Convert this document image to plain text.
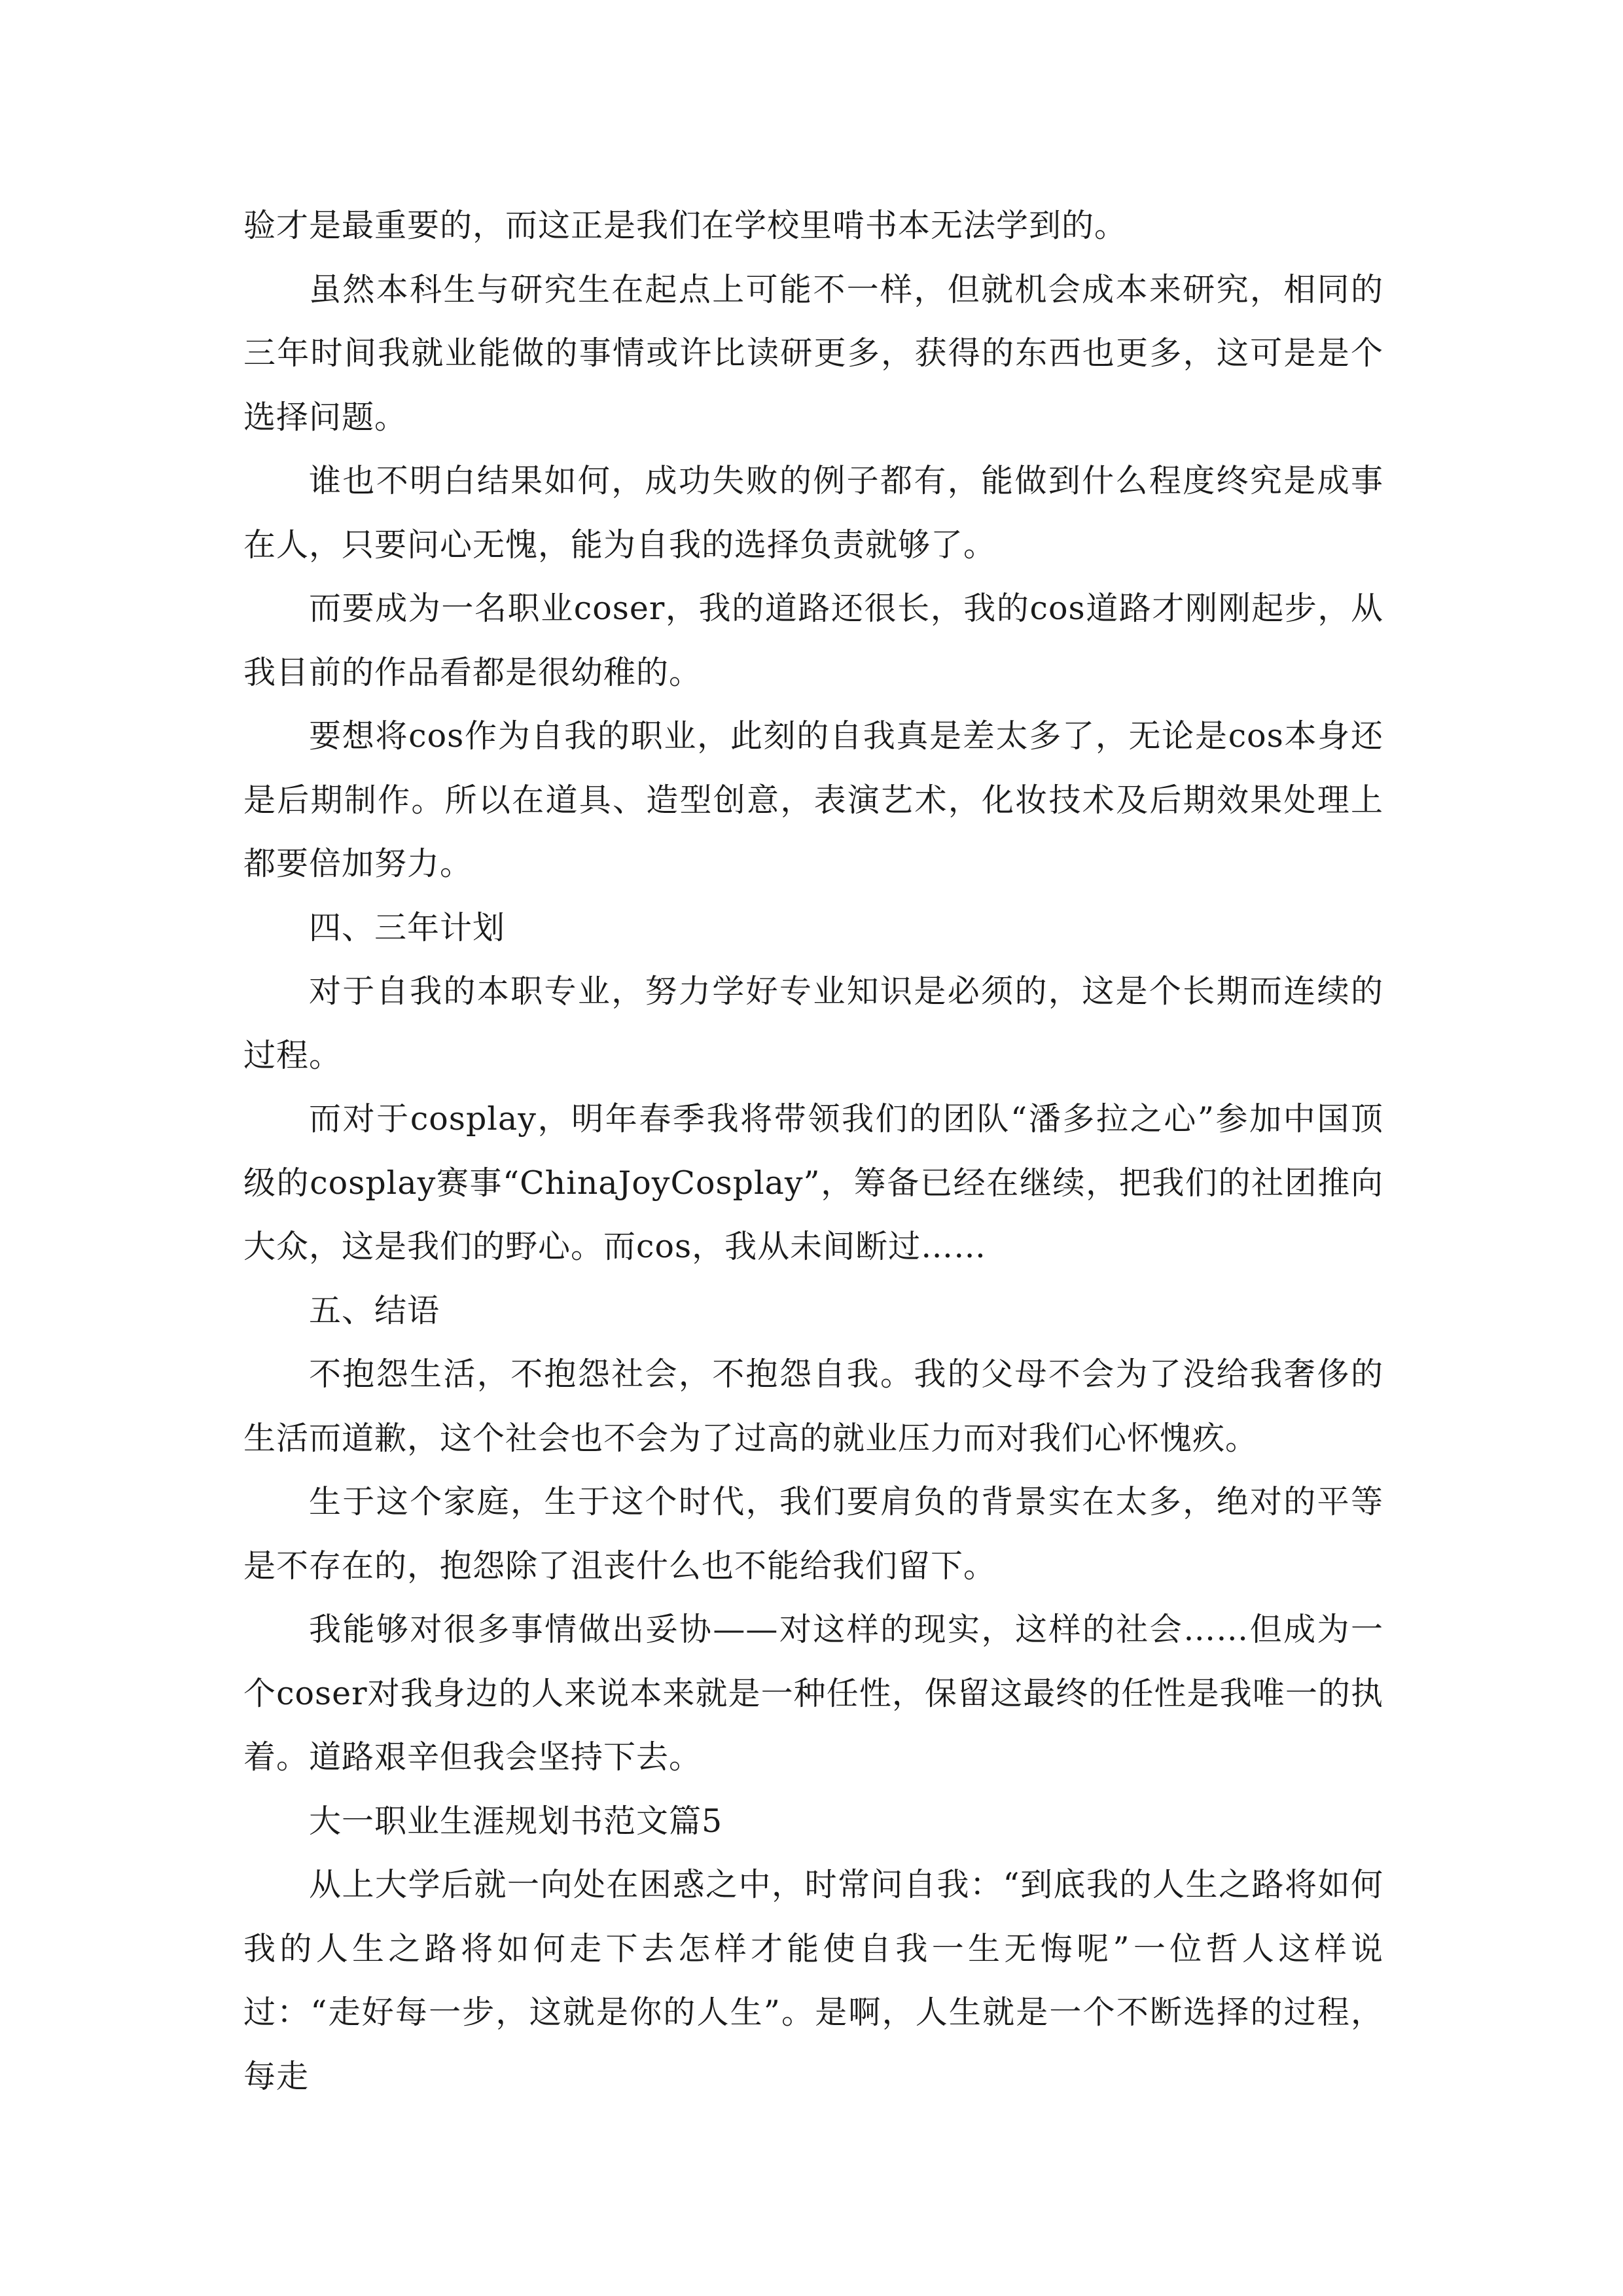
验才是最重要的，而这正是我们在学校里啃书本无法学到的。

虽然本科生与研究生在起点上可能不一样，但就机会成本来研究，相同的三年时间我就业能做的事情或许比读研更多，获得的东西也更多，这可是是个选择问题。

谁也不明白结果如何，成功失败的例子都有，能做到什么程度终究是成事在人，只要问心无愧，能为自我的选择负责就够了。

而要成为一名职业coser，我的道路还很长，我的cos道路才刚刚起步，从我目前的作品看都是很幼稚的。

要想将cos作为自我的职业，此刻的自我真是差太多了，无论是cos本身还是后期制作。所以在道具、造型创意，表演艺术，化妆技术及后期效果处理上都要倍加努力。

四、三年计划

对于自我的本职专业，努力学好专业知识是必须的，这是个长期而连续的过程。

而对于cosplay，明年春季我将带领我们的团队“潘多拉之心”参加中国顶级的cosplay赛事“ChinaJoyCosplay”，筹备已经在继续，把我们的社团推向大众，这是我们的野心。而cos，我从未间断过……

五、结语

不抱怨生活，不抱怨社会，不抱怨自我。我的父母不会为了没给我奢侈的生活而道歉，这个社会也不会为了过高的就业压力而对我们心怀愧疚。

生于这个家庭，生于这个时代，我们要肩负的背景实在太多，绝对的平等是不存在的，抱怨除了沮丧什么也不能给我们留下。

我能够对很多事情做出妥协——对这样的现实，这样的社会……但成为一个coser对我身边的人来说本来就是一种任性，保留这最终的任性是我唯一的执着。道路艰辛但我会坚持下去。

大一职业生涯规划书范文篇5

从上大学后就一向处在困惑之中，时常问自我：“到底我的人生之路将如何我的人生之路将如何走下去怎样才能使自我一生无悔呢”一位哲人这样说过：“走好每一步，这就是你的人生”。是啊，人生就是一个不断选择的过程，每走
